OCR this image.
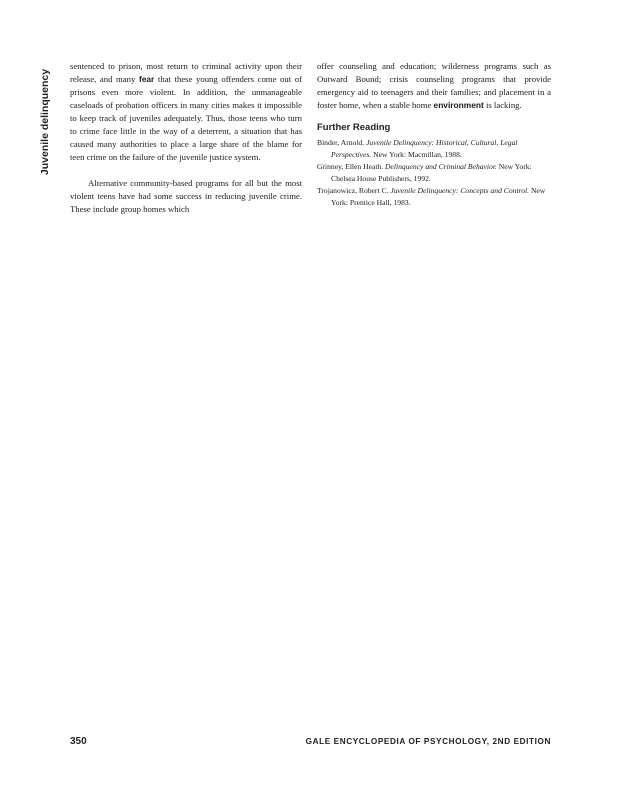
Juvenile delinquency

sentenced to prison, most return to criminal activity upon their release, and many fear that these young offenders come out of prisons even more violent. In addition, the unmanageable caseloads of probation officers in many cities makes it impossible to keep track of juveniles adequately. Thus, those teens who turn to crime face little in the way of a deterrent, a situation that has caused many authorities to place a large share of the blame for teen crime on the failure of the juvenile justice system.

Alternative community-based programs for all but the most violent teens have had some success in reducing juvenile crime. These include group homes which

offer counseling and education; wilderness programs such as Outward Bound; crisis counseling programs that provide emergency aid to teenagers and their families; and placement in a foster home, when a stable home environment is lacking.

Further Reading

Binder, Arnold. Juvenile Delinquency: Historical, Cultural, Legal Perspectives. New York: Macmillan, 1988.

Grinney, Ellen Heath. Delinquency and Criminal Behavior. New York: Chelsea House Publishers, 1992.

Trojanowicz, Robert C. Juvenile Delinquency: Concepts and Control. New York: Prentice Hall, 1983.

350	GALE ENCYCLOPEDIA OF PSYCHOLOGY, 2ND EDITION
